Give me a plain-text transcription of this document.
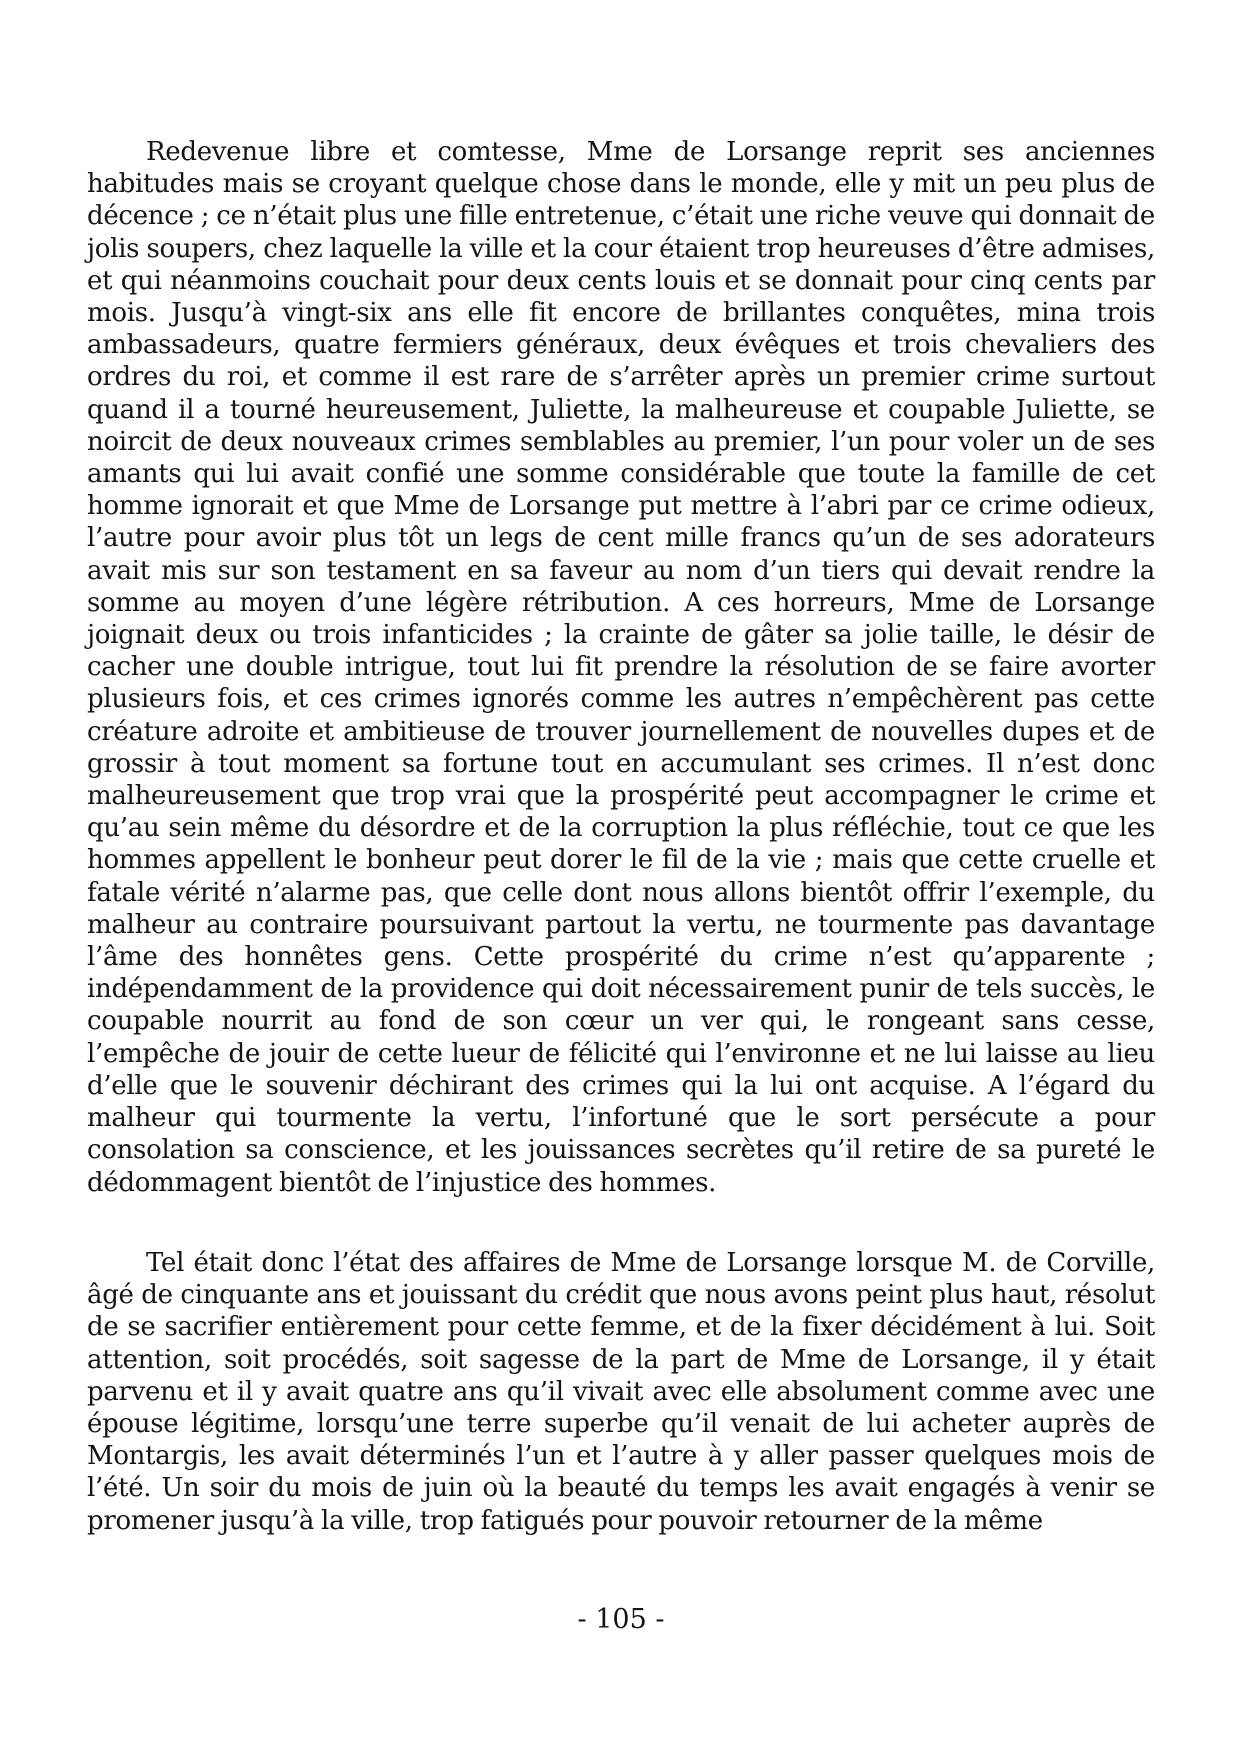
Redevenue libre et comtesse, Mme de Lorsange reprit ses anciennes habitudes mais se croyant quelque chose dans le monde, elle y mit un peu plus de décence ; ce n’était plus une fille entretenue, c’était une riche veuve qui donnait de jolis soupers, chez laquelle la ville et la cour étaient trop heureuses d’être admises, et qui néanmoins couchait pour deux cents louis et se donnait pour cinq cents par mois. Jusqu’à vingt-six ans elle fit encore de brillantes conquêtes, mina trois ambassadeurs, quatre fermiers généraux, deux évêques et trois chevaliers des ordres du roi, et comme il est rare de s’arrêter après un premier crime surtout quand il a tourné heureusement, Juliette, la malheureuse et coupable Juliette, se noircit de deux nouveaux crimes semblables au premier, l’un pour voler un de ses amants qui lui avait confié une somme considérable que toute la famille de cet homme ignorait et que Mme de Lorsange put mettre à l’abri par ce crime odieux, l’autre pour avoir plus tôt un legs de cent mille francs qu’un de ses adorateurs avait mis sur son testament en sa faveur au nom d’un tiers qui devait rendre la somme au moyen d’une légère rétribution. A ces horreurs, Mme de Lorsange joignait deux ou trois infanticides ; la crainte de gâter sa jolie taille, le désir de cacher une double intrigue, tout lui fit prendre la résolution de se faire avorter plusieurs fois, et ces crimes ignorés comme les autres n’empêchèrent pas cette créature adroite et ambitieuse de trouver journellement de nouvelles dupes et de grossir à tout moment sa fortune tout en accumulant ses crimes. Il n’est donc malheureusement que trop vrai que la prospérité peut accompagner le crime et qu’au sein même du désordre et de la corruption la plus réfléchie, tout ce que les hommes appellent le bonheur peut dorer le fil de la vie ; mais que cette cruelle et fatale vérité n’alarme pas, que celle dont nous allons bientôt offrir l’exemple, du malheur au contraire poursuivant partout la vertu, ne tourmente pas davantage l’âme des honnêtes gens. Cette prospérité du crime n’est qu’apparente ; indépendamment de la providence qui doit nécessairement punir de tels succès, le coupable nourrit au fond de son cœur un ver qui, le rongeant sans cesse, l’empêche de jouir de cette lueur de félicité qui l’environne et ne lui laisse au lieu d’elle que le souvenir déchirant des crimes qui la lui ont acquise. A l’égard du malheur qui tourmente la vertu, l’infortuné que le sort persécute a pour consolation sa conscience, et les jouissances secrètes qu’il retire de sa pureté le dédommagent bientôt de l’injustice des hommes.

Tel était donc l’état des affaires de Mme de Lorsange lorsque M. de Corville, âgé de cinquante ans et jouissant du crédit que nous avons peint plus haut, résolut de se sacrifier entièrement pour cette femme, et de la fixer décidément à lui. Soit attention, soit procédés, soit sagesse de la part de Mme de Lorsange, il y était parvenu et il y avait quatre ans qu’il vivait avec elle absolument comme avec une épouse légitime, lorsqu’une terre superbe qu’il venait de lui acheter auprès de Montargis, les avait déterminés l’un et l’autre à y aller passer quelques mois de l’été. Un soir du mois de juin où la beauté du temps les avait engagés à venir se promener jusqu’à la ville, trop fatigués pour pouvoir retourner de la même

- 105 -
